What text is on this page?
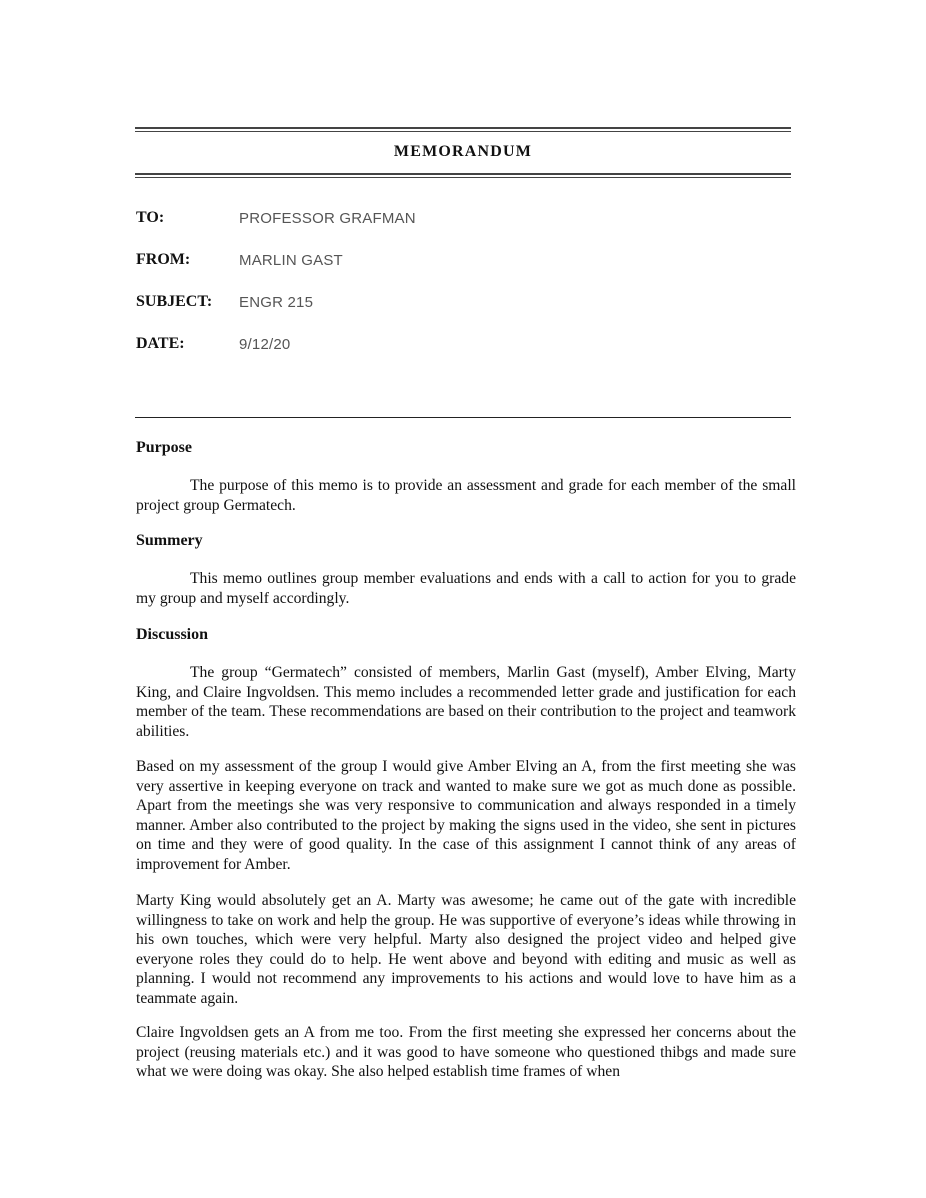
MEMORANDUM
TO:	PROFESSOR GRAFMAN
FROM:	MARLIN GAST
SUBJECT: ENGR 215
DATE:	9/12/20
Purpose

The purpose of this memo is to provide an assessment and grade for each member of the small project group Germatech.

Summery

This memo outlines group member evaluations and ends with a call to action for you to grade my group and myself accordingly.

Discussion

The group “Germatech” consisted of members, Marlin Gast (myself), Amber Elving, Marty King, and Claire Ingvoldsen. This memo includes a recommended letter grade and justification for each member of the team. These recommendations are based on their contribution to the project and teamwork abilities.

Based on my assessment of the group I would give Amber Elving an A, from the first meeting she was very assertive in keeping everyone on track and wanted to make sure we got as much done as possible. Apart from the meetings she was very responsive to communication and always responded in a timely manner. Amber also contributed to the project by making the signs used in the video, she sent in pictures on time and they were of good quality. In the case of this assignment I cannot think of any areas of improvement for Amber.

Marty King would absolutely get an A. Marty was awesome; he came out of the gate with incredible willingness to take on work and help the group. He was supportive of everyone’s ideas while throwing in his own touches, which were very helpful. Marty also designed the project video and helped give everyone roles they could do to help. He went above and beyond with editing and music as well as planning. I would not recommend any improvements to his actions and would love to have him as a teammate again.

Claire Ingvoldsen gets an A from me too. From the first meeting she expressed her concerns about the project (reusing materials etc.) and it was good to have someone who questioned thibgs and made sure what we were doing was okay. She also helped establish time frames of when
